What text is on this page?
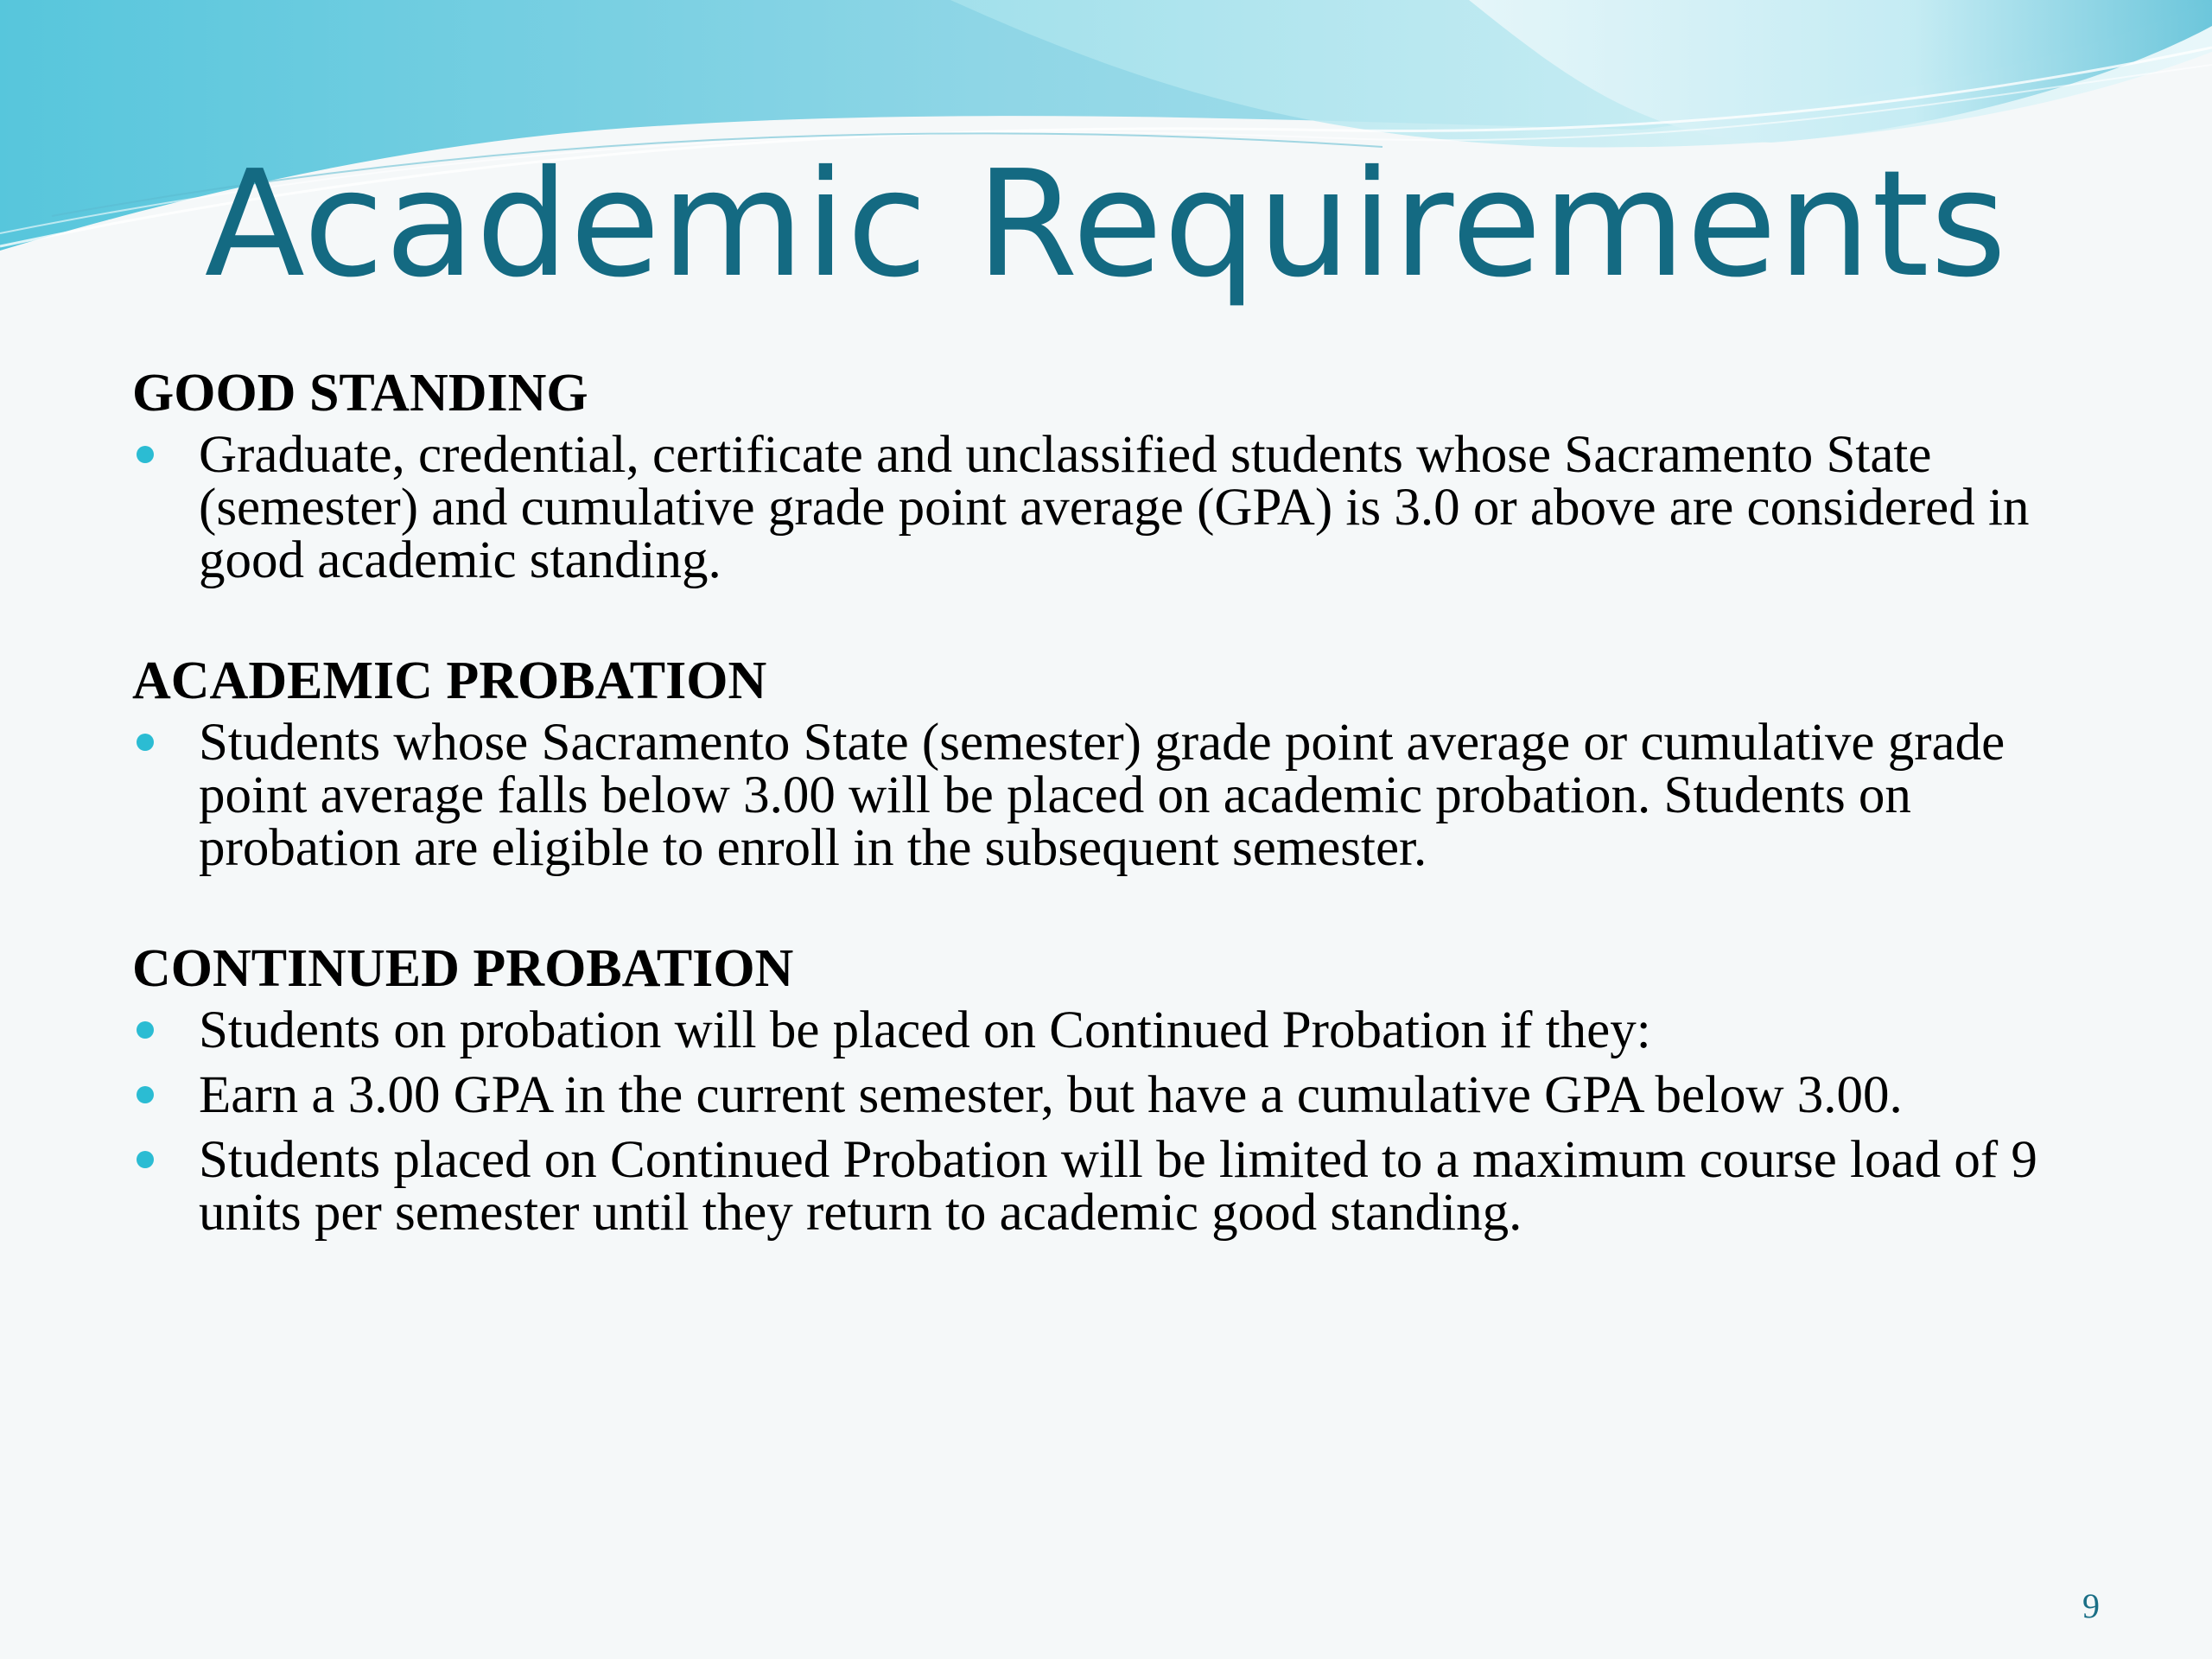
Academic Requirements

GOOD STANDING

Graduate, credential, certificate and unclassified students whose Sacramento State (semester) and cumulative grade point average (GPA) is 3.0 or above are considered in good academic standing.

ACADEMIC PROBATION

Students whose Sacramento State (semester) grade point average or cumulative grade point average falls below 3.00 will be placed on academic probation. Students on probation are eligible to enroll in the subsequent semester.

CONTINUED PROBATION

Students on probation will be placed on Continued Probation if they:
Earn a 3.00 GPA in the current semester, but have a cumulative GPA below 3.00.
Students placed on Continued Probation will be limited to a maximum course load of 9 units per semester until they return to academic good standing.
9
